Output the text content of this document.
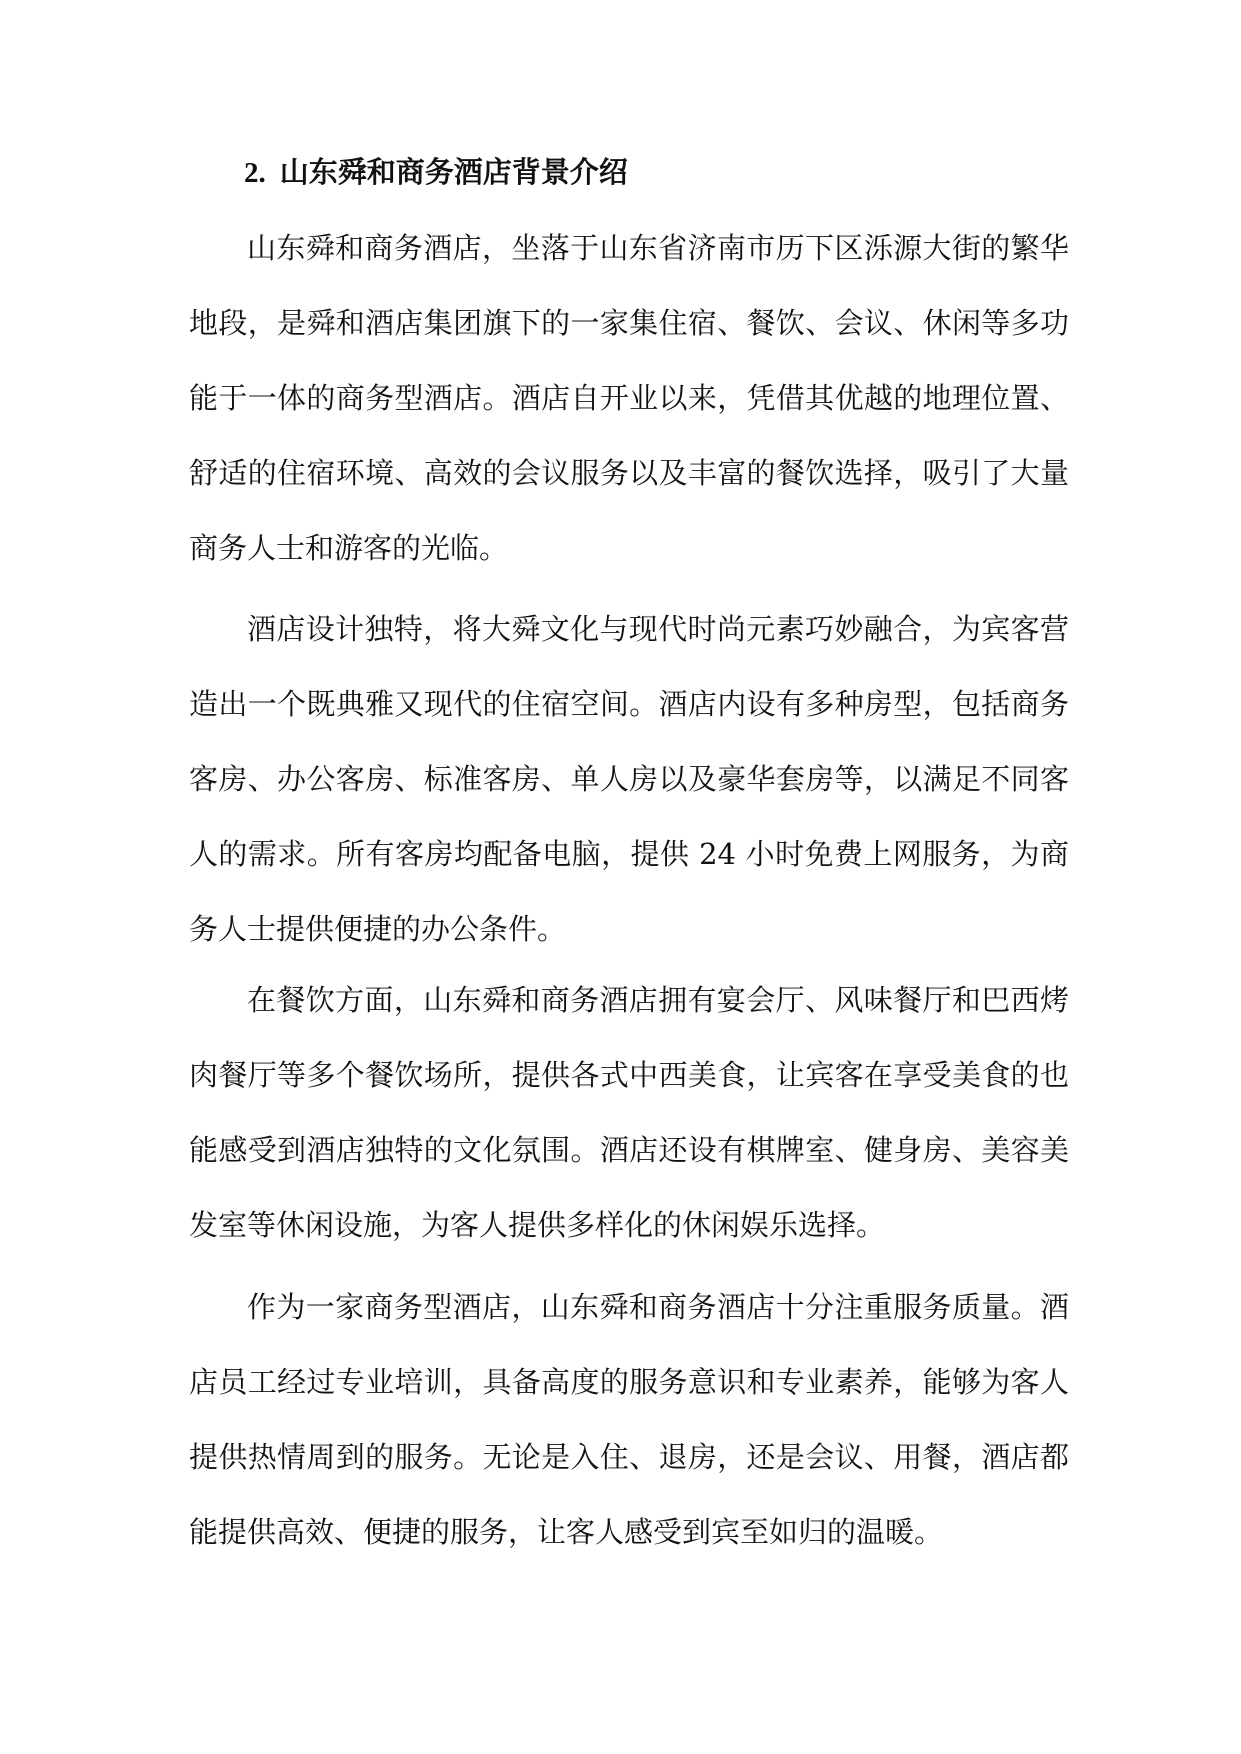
2. 山东舜和商务酒店背景介绍

山东舜和商务酒店，坐落于山东省济南市历下区泺源大街的繁华地段，是舜和酒店集团旗下的一家集住宿、餐饮、会议、休闲等多功能于一体的商务型酒店。酒店自开业以来，凭借其优越的地理位置、舒适的住宿环境、高效的会议服务以及丰富的餐饮选择，吸引了大量商务人士和游客的光临。

酒店设计独特，将大舜文化与现代时尚元素巧妙融合，为宾客营造出一个既典雅又现代的住宿空间。酒店内设有多种房型，包括商务客房、办公客房、标准客房、单人房以及豪华套房等，以满足不同客人的需求。所有客房均配备电脑，提供 24 小时免费上网服务，为商务人士提供便捷的办公条件。

在餐饮方面，山东舜和商务酒店拥有宴会厅、风味餐厅和巴西烤肉餐厅等多个餐饮场所，提供各式中西美食，让宾客在享受美食的也能感受到酒店独特的文化氛围。酒店还设有棋牌室、健身房、美容美发室等休闲设施，为客人提供多样化的休闲娱乐选择。

作为一家商务型酒店，山东舜和商务酒店十分注重服务质量。酒店员工经过专业培训，具备高度的服务意识和专业素养，能够为客人提供热情周到的服务。无论是入住、退房，还是会议、用餐，酒店都能提供高效、便捷的服务，让客人感受到宾至如归的温暖。
